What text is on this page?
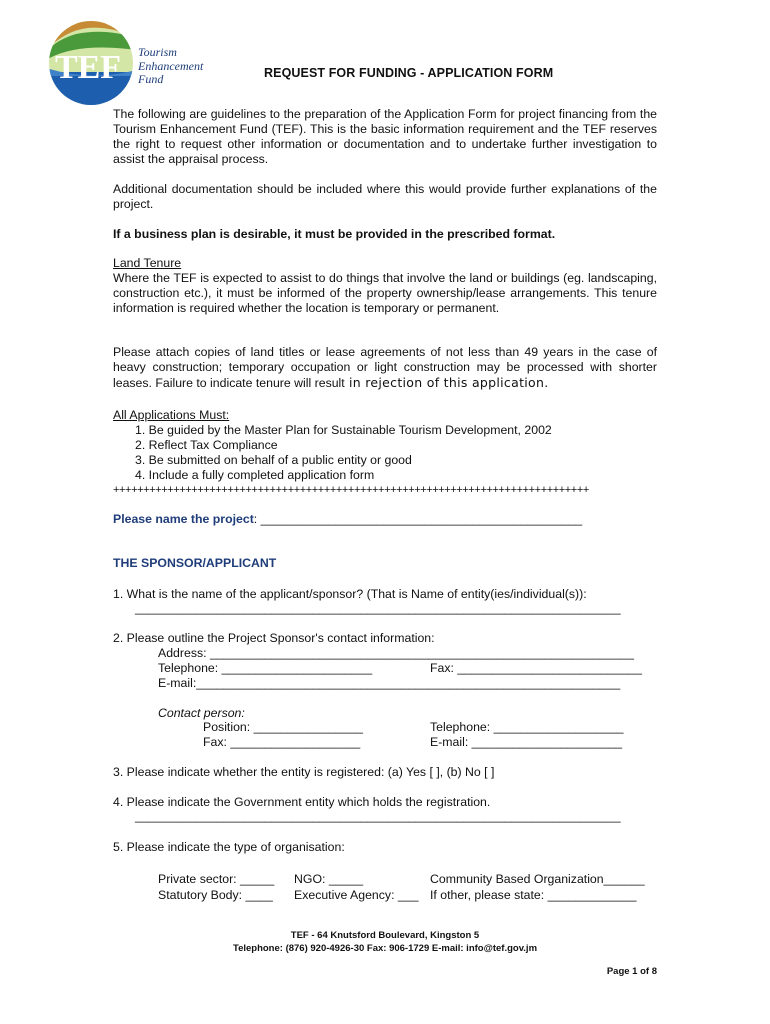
TEF Tourism
Enhancement
Fund	REQUEST FOR FUNDING - APPLICATION FORM
The following are guidelines to the preparation of the Application Form for project financing from the Tourism Enhancement Fund (TEF). This is the basic information requirement and the TEF reserves the right to request other information or documentation and to undertake further investigation to assist the appraisal process.
Additional documentation should be included where this would provide further explanations of the project.
If a business plan is desirable, it must be provided in the prescribed format.
Land Tenure
Where the TEF is expected to assist to do things that involve the land or buildings (eg. landscaping, construction etc.), it must be informed of the property ownership/lease arrangements. This tenure information is required whether the location is temporary or permanent.
Please attach copies of land titles or lease agreements of not less than 49 years in the case of heavy construction; temporary occupation or light construction may be processed with shorter leases. Failure to indicate tenure will result in rejection of this application.
All Applications Must:
1. Be guided by the Master Plan for Sustainable Tourism Development, 2002
2. Reflect Tax Compliance
3. Be submitted on behalf of a public entity or good
4. Include a fully completed application form
+++++++++++++++++++++++++++++++++++++++++++++++++++++++++++++++++++++++++++++++
Please name the project: _______________________________________________
THE SPONSOR/APPLICANT
1. What is the name of the applicant/sponsor? (That is Name of entity(ies/individual(s)):
_______________________________________________________________________
2. Please outline the Project Sponsor's contact information:
Address: ______________________________________________________________
Telephone: ______________________	Fax: ___________________________
E-mail:______________________________________________________________
Contact person:
Position: ________________	Telephone: ___________________
Fax: ___________________	E-mail: ______________________
3. Please indicate whether the entity is registered: (a) Yes [ ], (b) No [ ]
4. Please indicate the Government entity which holds the registration.
_______________________________________________________________________
5. Please indicate the type of organisation:
Private sector: _____ NGO: _____	Community Based Organization______
Statutory Body: ____ Executive Agency: ___ If other, please state: _____________
TEF - 64 Knutsford Boulevard, Kingston 5
Telephone: (876) 920-4926-30 Fax: 906-1729 E-mail: info@tef.gov.jm
Page 1 of 8
